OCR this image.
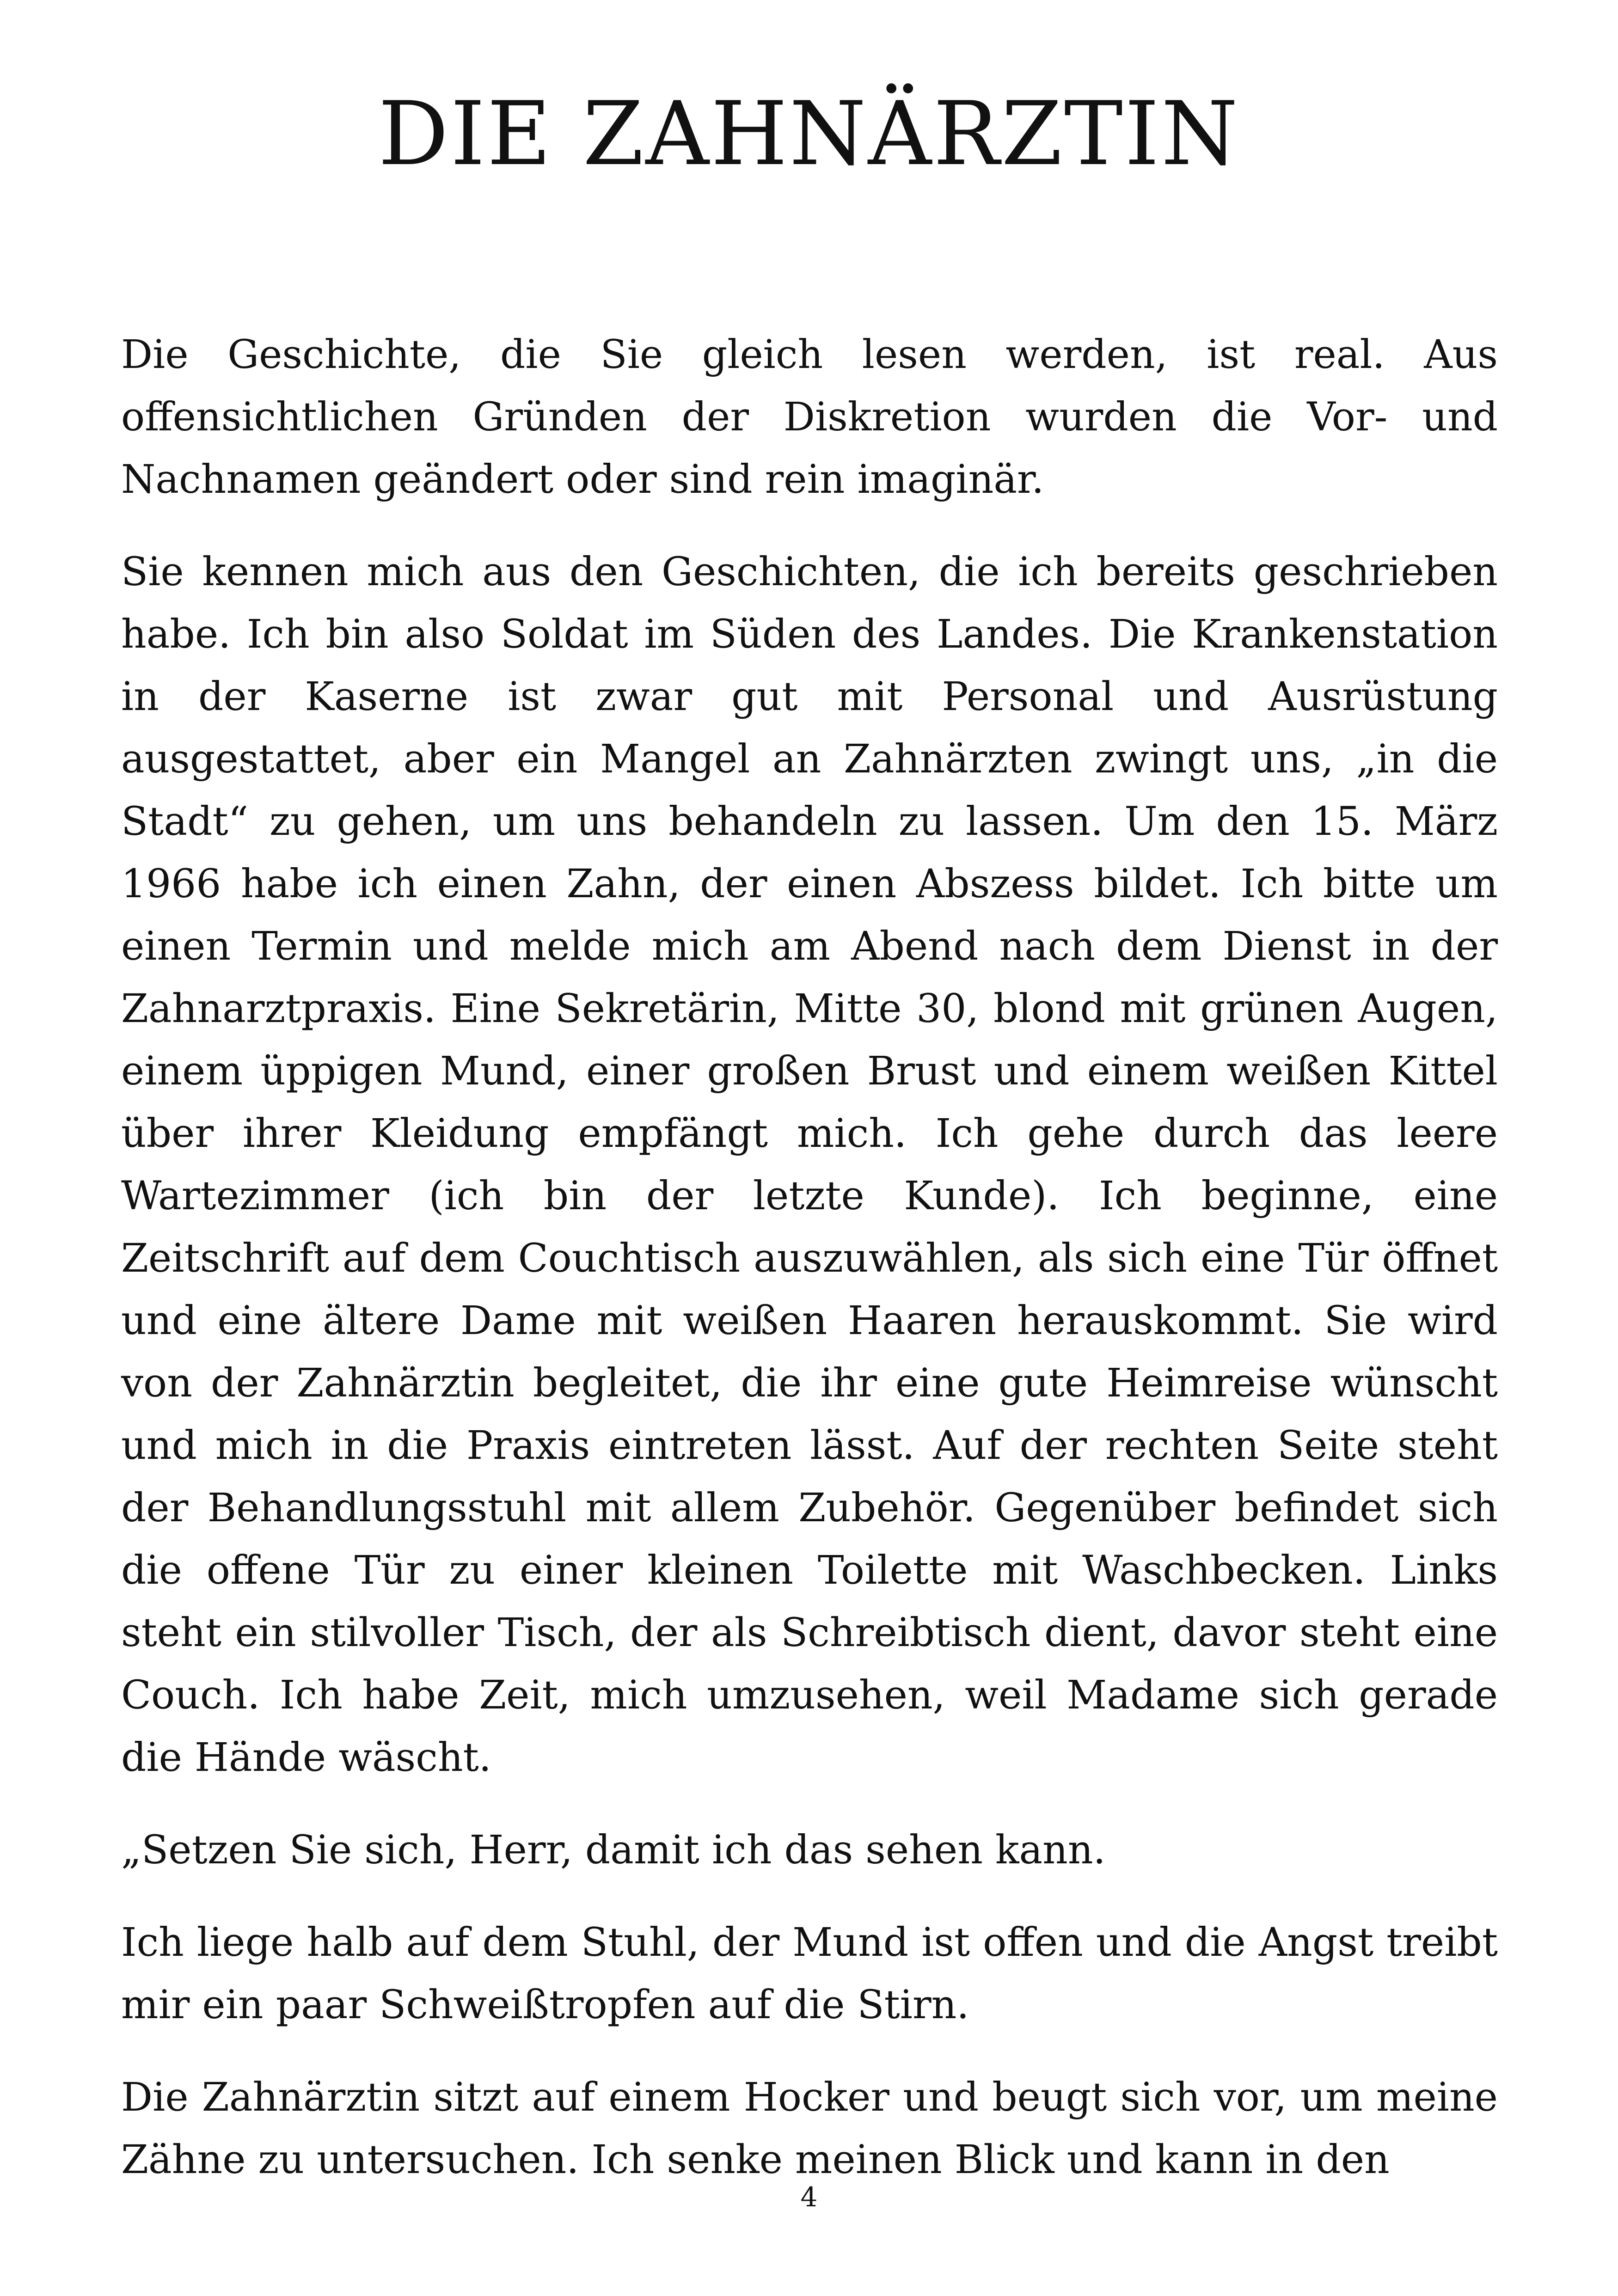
DIE ZAHNÄRZTIN

Die Geschichte, die Sie gleich lesen werden, ist real. Aus offensichtlichen Gründen der Diskretion wurden die Vor- und Nachnamen geändert oder sind rein imaginär.

Sie kennen mich aus den Geschichten, die ich bereits geschrieben habe. Ich bin also Soldat im Süden des Landes. Die Krankenstation in der Kaserne ist zwar gut mit Personal und Ausrüstung ausgestattet, aber ein Mangel an Zahnärzten zwingt uns, „in die Stadt“ zu gehen, um uns behandeln zu lassen. Um den 15. März 1966 habe ich einen Zahn, der einen Abszess bildet. Ich bitte um einen Termin und melde mich am Abend nach dem Dienst in der Zahnarztpraxis. Eine Sekretärin, Mitte 30, blond mit grünen Augen, einem üppigen Mund, einer großen Brust und einem weißen Kittel über ihrer Kleidung empfängt mich. Ich gehe durch das leere Wartezimmer (ich bin der letzte Kunde). Ich beginne, eine Zeitschrift auf dem Couchtisch auszuwählen, als sich eine Tür öffnet und eine ältere Dame mit weißen Haaren herauskommt. Sie wird von der Zahnärztin begleitet, die ihr eine gute Heimreise wünscht und mich in die Praxis eintreten lässt. Auf der rechten Seite steht der Behandlungsstuhl mit allem Zubehör. Gegenüber befindet sich die offene Tür zu einer kleinen Toilette mit Waschbecken. Links steht ein stilvoller Tisch, der als Schreibtisch dient, davor steht eine Couch. Ich habe Zeit, mich umzusehen, weil Madame sich gerade die Hände wäscht.

„Setzen Sie sich, Herr, damit ich das sehen kann.

Ich liege halb auf dem Stuhl, der Mund ist offen und die Angst treibt mir ein paar Schweißtropfen auf die Stirn.

Die Zahnärztin sitzt auf einem Hocker und beugt sich vor, um meine Zähne zu untersuchen. Ich senke meinen Blick und kann in den

4
